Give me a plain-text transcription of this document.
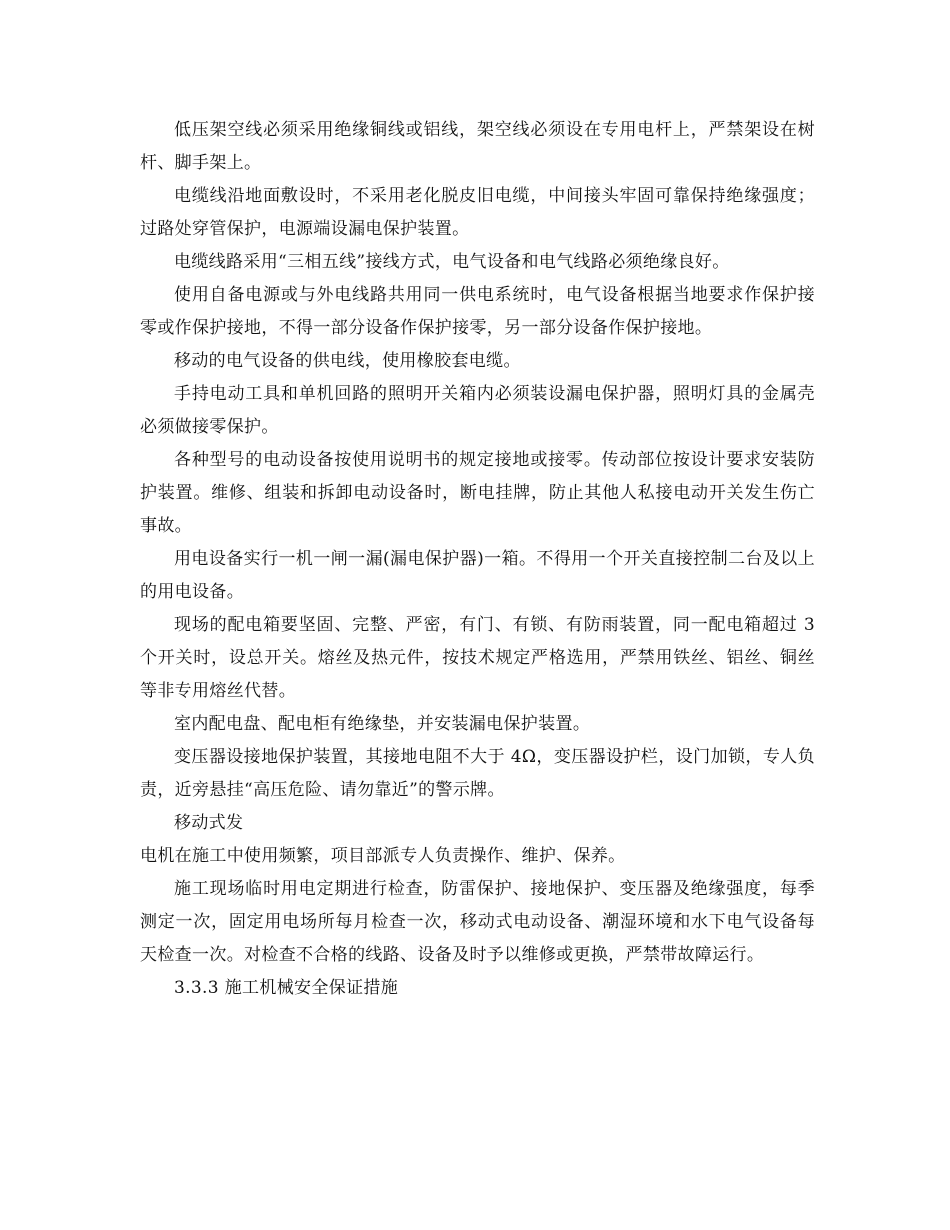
低压架空线必须采用绝缘铜线或铝线，架空线必须设在专用电杆上，严禁架设在树杆、脚手架上。

电缆线沿地面敷设时，不采用老化脱皮旧电缆，中间接头牢固可靠保持绝缘强度；过路处穿管保护，电源端设漏电保护装置。

电缆线路采用“三相五线”接线方式，电气设备和电气线路必须绝缘良好。

使用自备电源或与外电线路共用同一供电系统时，电气设备根据当地要求作保护接零或作保护接地，不得一部分设备作保护接零，另一部分设备作保护接地。

移动的电气设备的供电线，使用橡胶套电缆。

手持电动工具和单机回路的照明开关箱内必须装设漏电保护器，照明灯具的金属壳必须做接零保护。

各种型号的电动设备按使用说明书的规定接地或接零。传动部位按设计要求安装防护装置。维修、组装和拆卸电动设备时，断电挂牌，防止其他人私接电动开关发生伤亡事故。

用电设备实行一机一闸一漏(漏电保护器)一箱。不得用一个开关直接控制二台及以上的用电设备。

现场的配电箱要坚固、完整、严密，有门、有锁、有防雨装置，同一配电箱超过 3 个开关时，设总开关。熔丝及热元件，按技术规定严格选用，严禁用铁丝、铝丝、铜丝等非专用熔丝代替。

室内配电盘、配电柜有绝缘垫，并安装漏电保护装置。

变压器设接地保护装置，其接地电阻不大于 4Ω，变压器设护栏，设门加锁，专人负责，近旁悬挂“高压危险、请勿靠近”的警示牌。

移动式发

电机在施工中使用频繁，项目部派专人负责操作、维护、保养。

施工现场临时用电定期进行检查，防雷保护、接地保护、变压器及绝缘强度，每季测定一次，固定用电场所每月检查一次，移动式电动设备、潮湿环境和水下电气设备每天检查一次。对检查不合格的线路、设备及时予以维修或更换，严禁带故障运行。

3.3.3 施工机械安全保证措施
